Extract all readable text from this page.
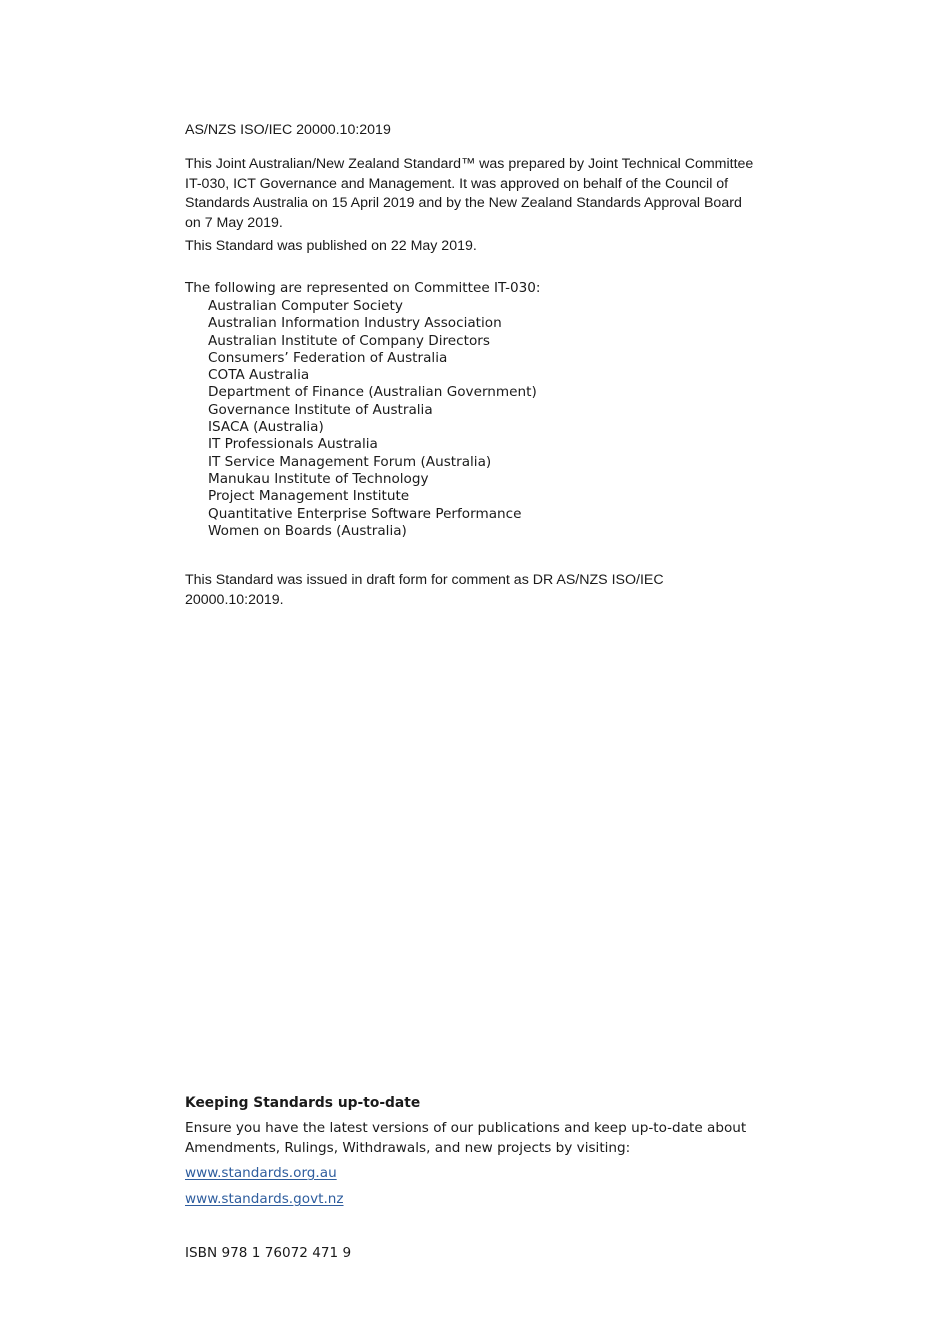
AS/NZS ISO/IEC 20000.10:2019

This Joint Australian/New Zealand Standard™ was prepared by Joint Technical Committee IT-030, ICT Governance and Management. It was approved on behalf of the Council of Standards Australia on 15 April 2019 and by the New Zealand Standards Approval Board on 7 May 2019.

This Standard was published on 22 May 2019.

The following are represented on Committee IT-030:

Australian Computer Society
Australian Information Industry Association
Australian Institute of Company Directors
Consumers’ Federation of Australia
COTA Australia
Department of Finance (Australian Government)
Governance Institute of Australia
ISACA (Australia)
IT Professionals Australia
IT Service Management Forum (Australia)
Manukau Institute of Technology
Project Management Institute
Quantitative Enterprise Software Performance
Women on Boards (Australia)

This Standard was issued in draft form for comment as DR AS/NZS ISO/IEC 20000.10:2019.

Keeping Standards up-to-date

Ensure you have the latest versions of our publications and keep up-to-date about Amendments, Rulings, Withdrawals, and new projects by visiting:

www.standards.org.au
www.standards.govt.nz

ISBN 978 1 76072 471 9
